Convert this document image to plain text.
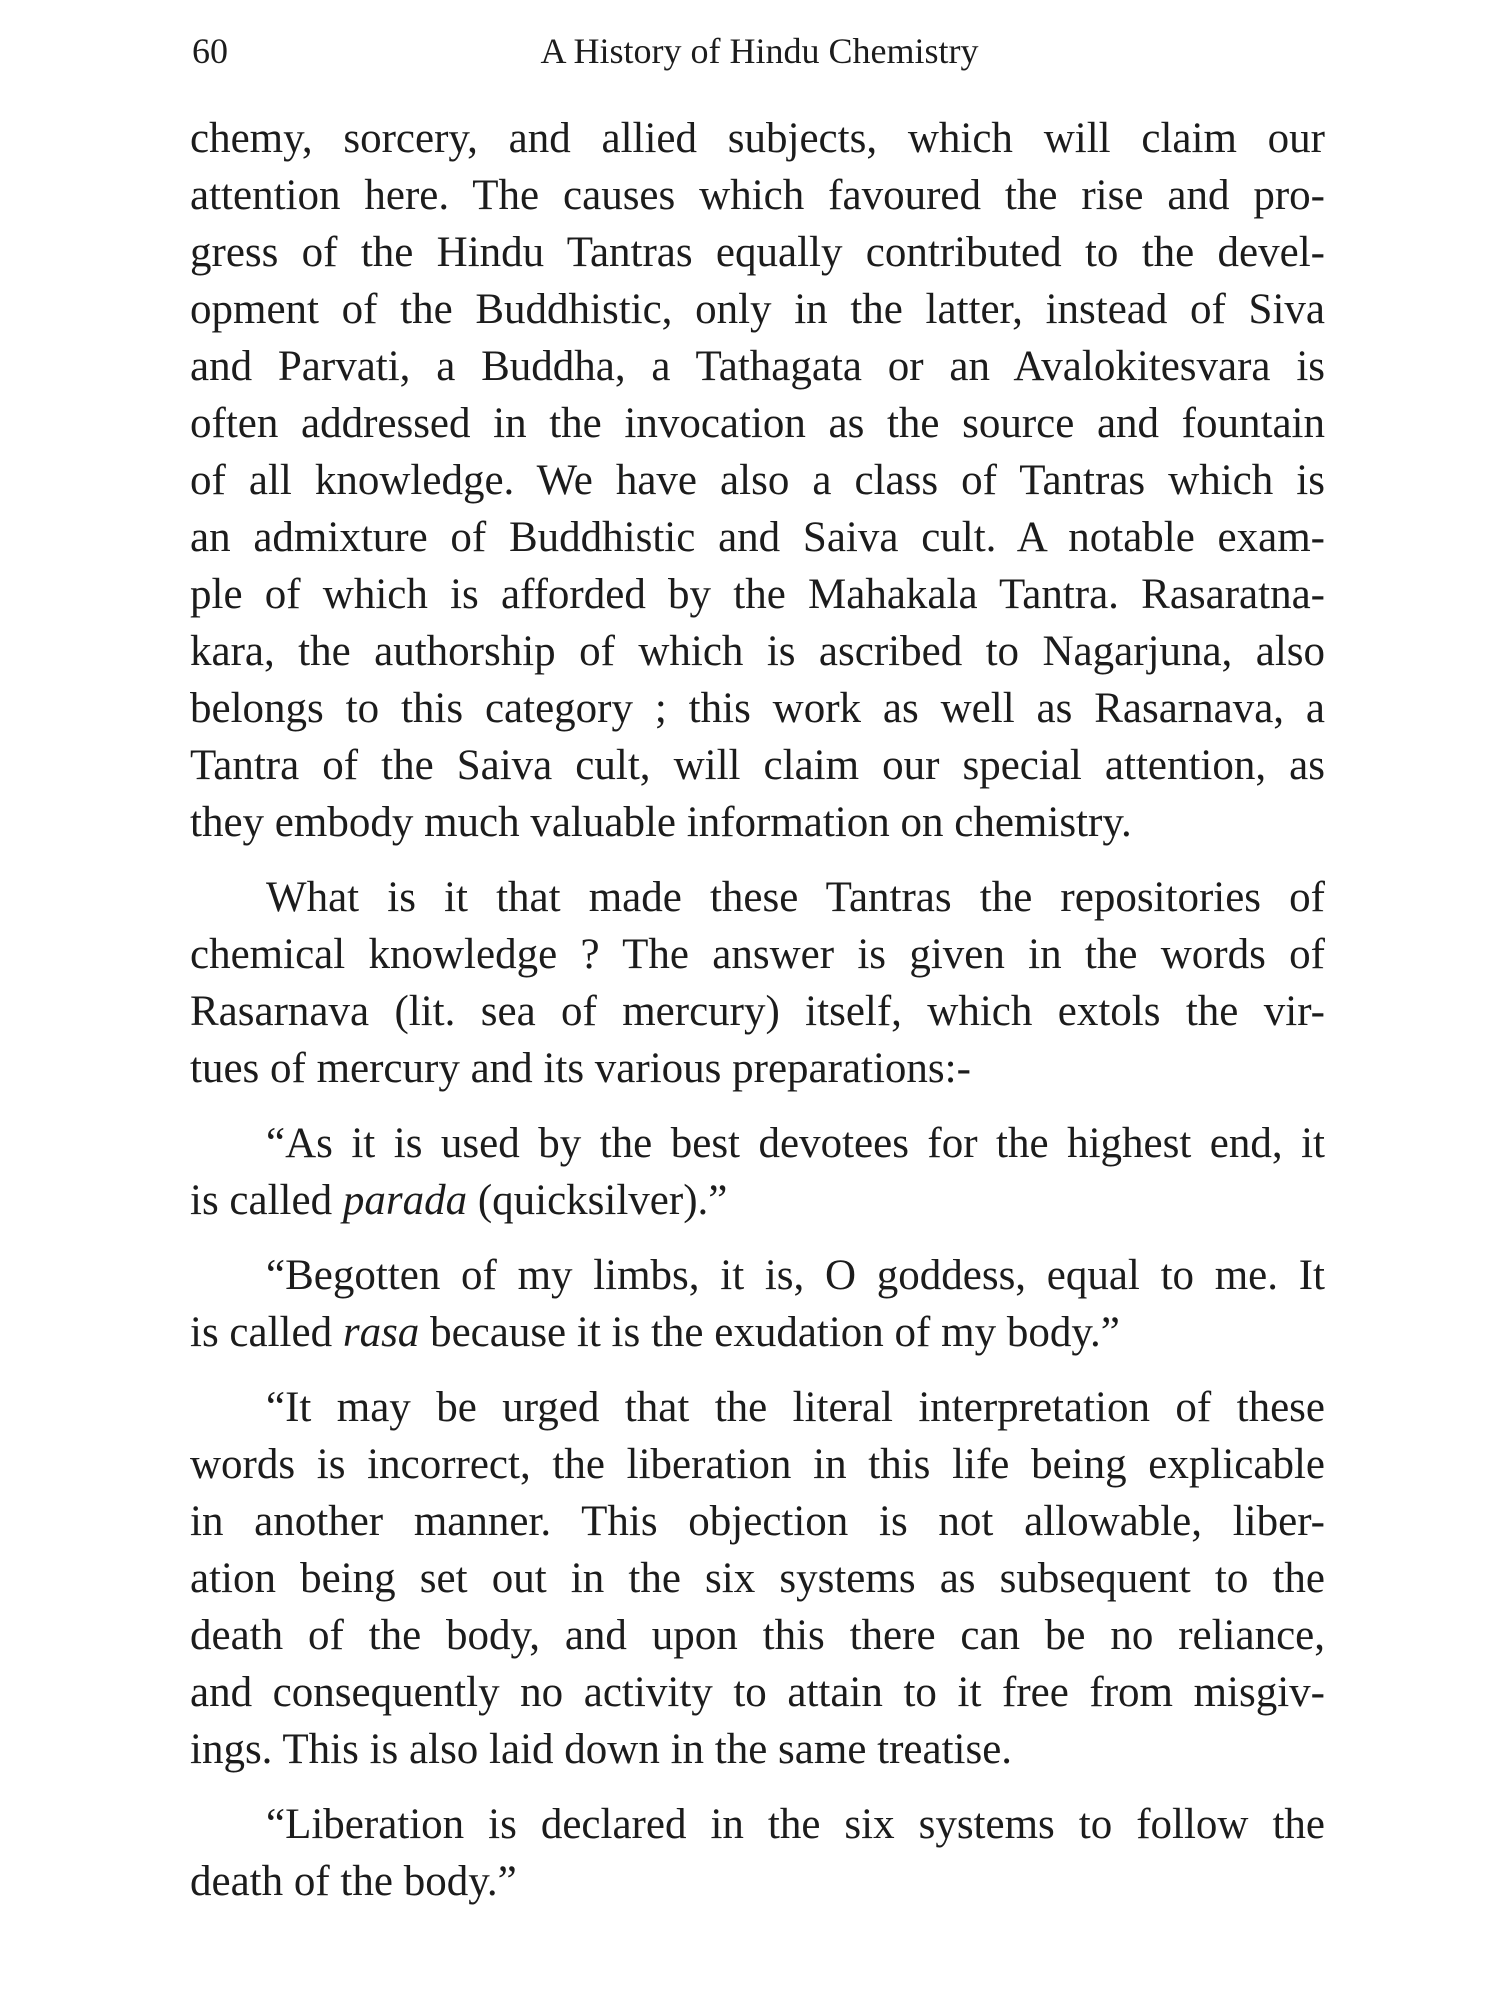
60	A History of Hindu Chemistry

chemy, sorcery, and allied subjects, which will claim our
attention here. The causes which favoured the rise and pro-
gress of the Hindu Tantras equally contributed to the devel-
opment of the Buddhistic, only in the latter, instead of Siva
and Parvati, a Buddha, a Tathagata or an Avalokitesvara is
often addressed in the invocation as the source and fountain
of all knowledge. We have also a class of Tantras which is
an admixture of Buddhistic and Saiva cult. A notable exam-
ple of which is afforded by the Mahakala Tantra. Rasaratna-
kara, the authorship of which is ascribed to Nagarjuna, also
belongs to this category ; this work as well as Rasarnava, a
Tantra of the Saiva cult, will claim our special attention, as
they embody much valuable information on chemistry.

What is it that made these Tantras the repositories of
chemical knowledge ? The answer is given in the words of
Rasarnava (lit. sea of mercury) itself, which extols the vir-
tues of mercury and its various preparations:-

“As it is used by the best devotees for the highest end, it
is called parada (quicksilver).”

“Begotten of my limbs, it is, O goddess, equal to me. It
is called rasa because it is the exudation of my body.”

“It may be urged that the literal interpretation of these
words is incorrect, the liberation in this life being explicable
in another manner. This objection is not allowable, liber-
ation being set out in the six systems as subsequent to the
death of the body, and upon this there can be no reliance,
and consequently no activity to attain to it free from misgiv-
ings. This is also laid down in the same treatise.

“Liberation is declared in the six systems to follow the
death of the body.”
